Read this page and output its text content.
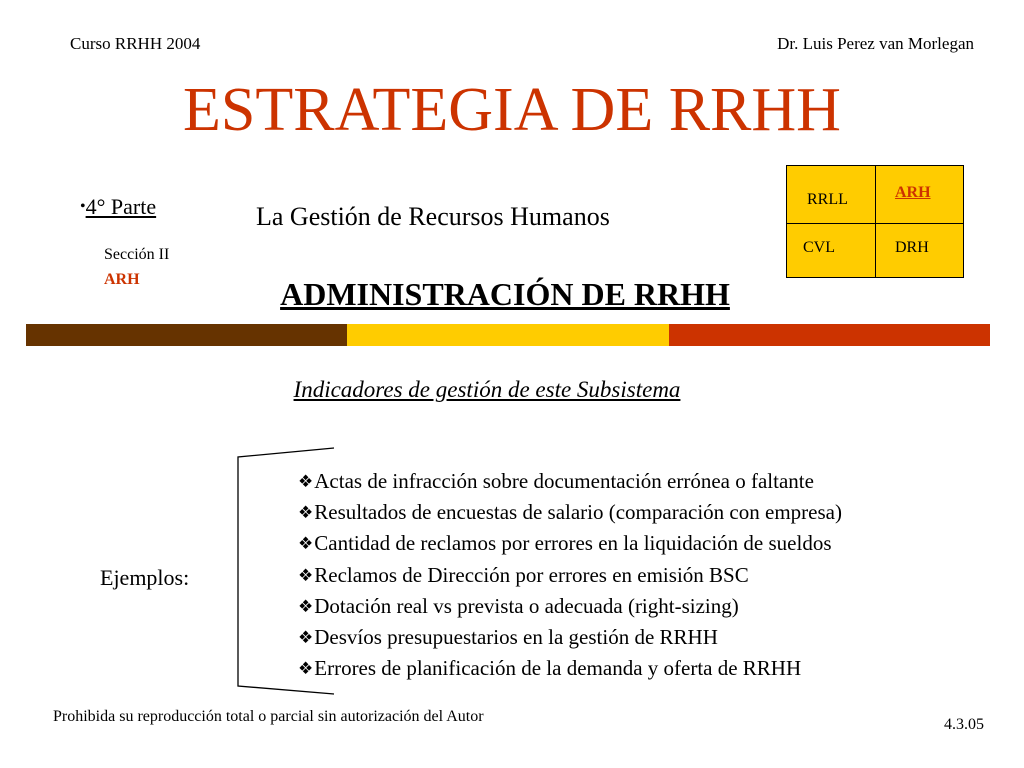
Curso RRHH 2004	Dr. Luis Perez van Morlegan
ESTRATEGIA DE RRHH
•4° Parte
Sección II
ARH
La Gestión de Recursos Humanos
RRLL	ARH
CVL	DRH
ADMINISTRACIÓN DE RRHH
Indicadores de gestión de este Subsistema
Ejemplos:
❖Actas de infracción sobre documentación errónea o faltante
❖Resultados de encuestas de salario (comparación con empresa)
❖Cantidad de reclamos por errores en la liquidación de sueldos
❖Reclamos de Dirección por errores en emisión BSC
❖Dotación real vs prevista o adecuada (right-sizing)
❖Desvíos presupuestarios en la gestión de RRHH
❖Errores de planificación de la demanda y oferta de RRHH
Prohibida su reproducción total o parcial sin autorización del Autor	4.3.05
